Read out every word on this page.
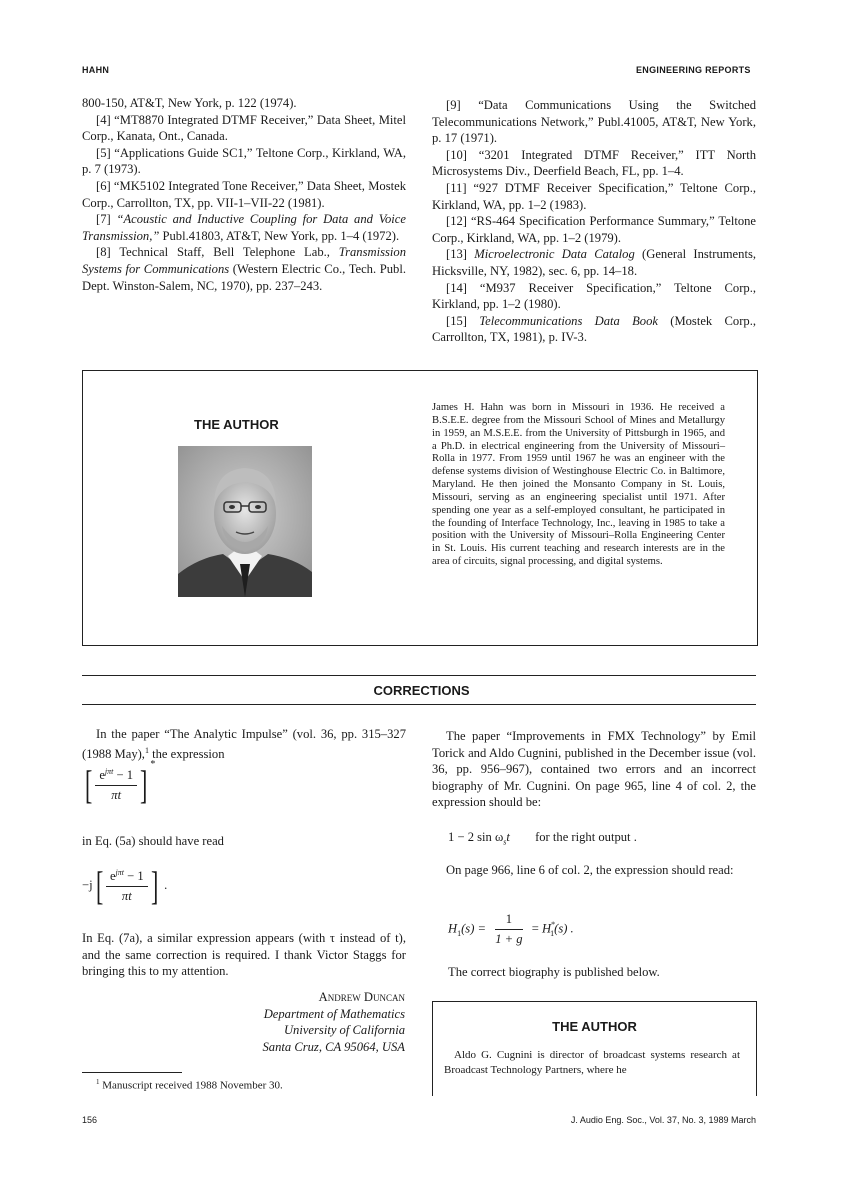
HAHN	ENGINEERING REPORTS

800-150, AT&T, New York, p. 122 (1974).

[4] “MT8870 Integrated DTMF Receiver,” Data Sheet, Mitel Corp., Kanata, Ont., Canada.

[5] “Applications Guide SC1,” Teltone Corp., Kirkland, WA, p. 7 (1973).

[6] “MK5102 Integrated Tone Receiver,” Data Sheet, Mostek Corp., Carrollton, TX, pp. VII-1–VII-22 (1981).

[7] “Acoustic and Inductive Coupling for Data and Voice Transmission,” Publ.41803, AT&T, New York, pp. 1–4 (1972).

[8] Technical Staff, Bell Telephone Lab., Transmission Systems for Communications (Western Electric Co., Tech. Publ. Dept. Winston-Salem, NC, 1970), pp. 237–243.

[9] “Data Communications Using the Switched Telecommunications Network,” Publ.41005, AT&T, New York, p. 17 (1971).

[10] “3201 Integrated DTMF Receiver,” ITT North Microsystems Div., Deerfield Beach, FL, pp. 1–4.

[11] “927 DTMF Receiver Specification,” Teltone Corp., Kirkland, WA, pp. 1–2 (1983).

[12] “RS-464 Specification Performance Summary,” Teltone Corp., Kirkland, WA, pp. 1–2 (1979).

[13] Microelectronic Data Catalog (General Instruments, Hicksville, NY, 1982), sec. 6, pp. 14–18.

[14] “M937 Receiver Specification,” Teltone Corp., Kirkland, pp. 1–2 (1980).

[15] Telecommunications Data Book (Mostek Corp., Carrollton, TX, 1981), p. IV-3.

THE AUTHOR
James H. Hahn was born in Missouri in 1936. He received a B.S.E.E. degree from the Missouri School of Mines and Metallurgy in 1959, an M.S.E.E. from the University of Pittsburgh in 1965, and a Ph.D. in electrical engineering from the University of Missouri–Rolla in 1977. From 1959 until 1967 he was an engineer with the defense systems division of Westinghouse Electric Co. in Baltimore, Maryland. He then joined the Monsanto Company in St. Louis, Missouri, serving as an engineering specialist until 1971. After spending one year as a self-employed consultant, he participated in the founding of Interface Technology, Inc., leaving in 1985 to take a position with the University of Missouri–Rolla Engineering Center in St. Louis. His current teaching and research interests are in the area of circuits, signal processing, and digital systems.
CORRECTIONS

In the paper “The Analytic Impulse” (vol. 36, pp. 315–327 (1988 May),$^1$ the expression

[ $\frac{e^{j\pi t} - 1}{\pi t}$ ] *
in Eq. (5a) should have read
$-j[ \frac{e^{j\pi t} - 1}{\pi t}$ ] .
In Eq. (7a), a similar expression appears (with τ instead of t), and the same correction is required. I thank Victor Staggs for bringing this to my attention.
Andrew Duncan
Department of Mathematics
University of California
Santa Cruz, CA 95064, USA
$^1$ Manuscript received 1988 November 30.

The paper “Improvements in FMX Technology” by Emil Torick and Aldo Cugnini, published in the December issue (vol. 36, pp. 956–967), contained two errors and an incorrect biography of Mr. Cugnini. On page 965, line 4 of col. 2, the expression should be:

1 − 2 $\sin \omega_st$ for the right output .

On page 966, line 6 of col. 2, the expression should read:

$H_1(s) = \frac{1}{1 + g} = H^*_1(s)$ .
The correct biography is published below.
THE AUTHOR
Aldo G. Cugnini is director of broadcast systems research at Broadcast Technology Partners, where he
156	J. Audio Eng. Soc., Vol. 37, No. 3, 1989 March
